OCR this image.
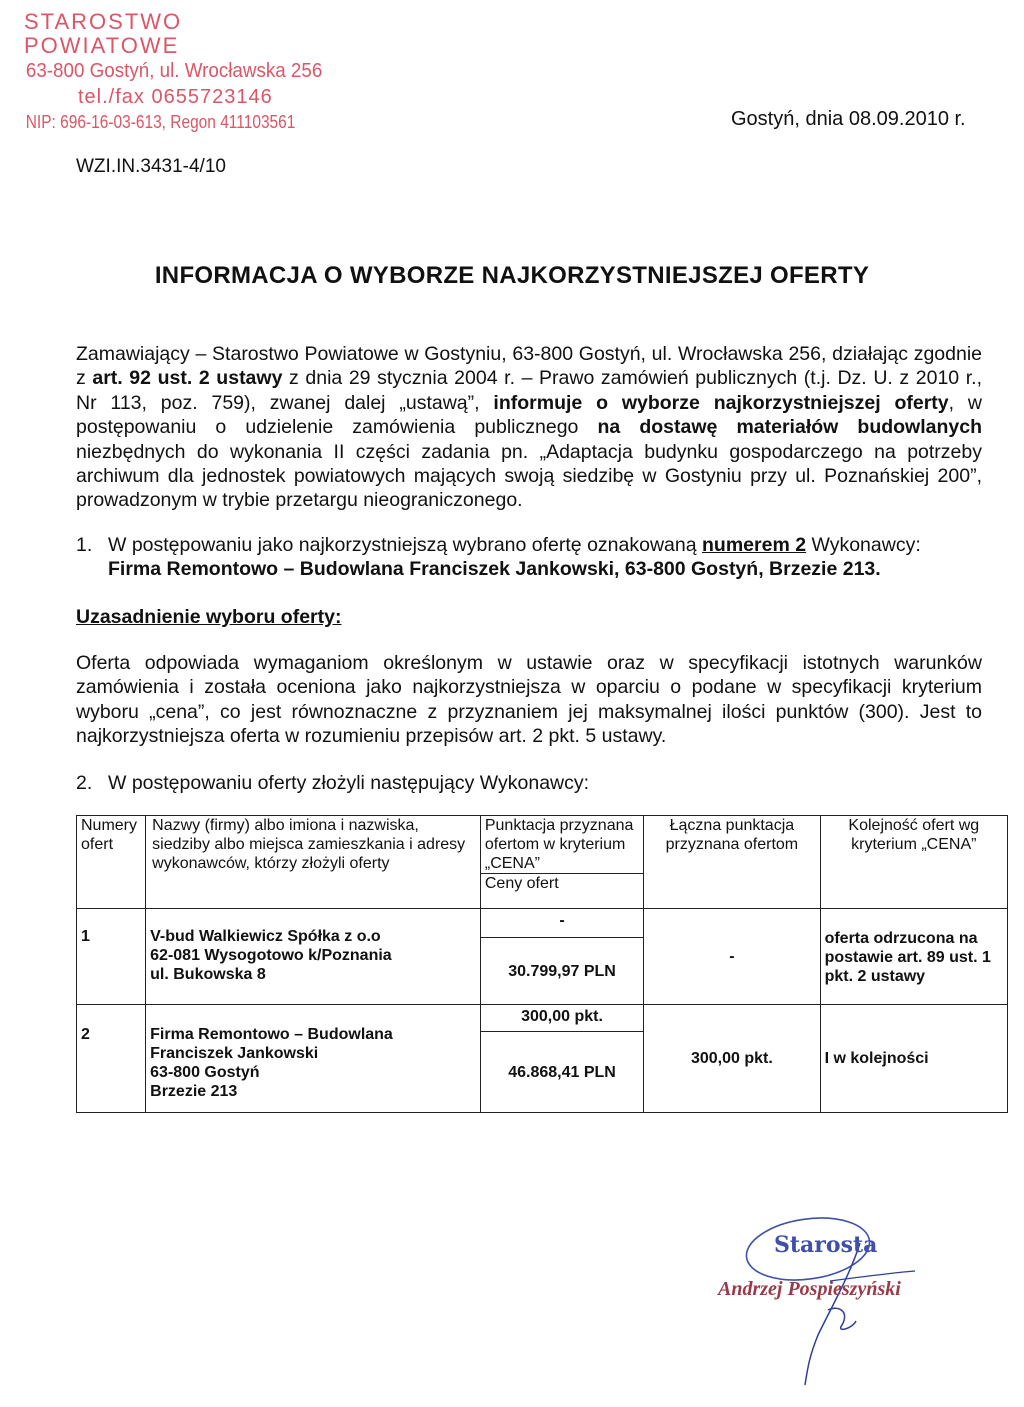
STAROSTWO POWIATOWE
63-800 Gostyń, ul. Wrocławska 256
tel./fax 0655723146
NIP: 696-16-03-613, Regon 411103561	Gostyń, dnia 08.09.2010 r.
WZI.IN.3431-4/10
INFORMACJA O WYBORZE NAJKORZYSTNIEJSZEJ OFERTY
Zamawiający – Starostwo Powiatowe w Gostyniu, 63-800 Gostyń, ul. Wrocławska 256, działając zgodnie z art. 92 ust. 2 ustawy z dnia 29 stycznia 2004 r. – Prawo zamówień publicznych (t.j. Dz. U. z 2010 r., Nr 113, poz. 759), zwanej dalej „ustawą”, informuje o wyborze najkorzystniejszej oferty, w postępowaniu o udzielenie zamówienia publicznego na dostawę materiałów budowlanych niezbędnych do wykonania II części zadania pn. „Adaptacja budynku gospodarczego na potrzeby archiwum dla jednostek powiatowych mających swoją siedzibę w Gostyniu przy ul. Poznańskiej 200”, prowadzonym w trybie przetargu nieograniczonego.
1. W postępowaniu jako najkorzystniejszą wybrano ofertę oznakowaną numerem 2 Wykonawcy:
Firma Remontowo – Budowlana Franciszek Jankowski, 63-800 Gostyń, Brzezie 213.
Uzasadnienie wyboru oferty:
Oferta odpowiada wymaganiom określonym w ustawie oraz w specyfikacji istotnych warunków zamówienia i została oceniona jako najkorzystniejsza w oparciu o podane w specyfikacji kryterium wyboru „cena”, co jest równoznaczne z przyznaniem jej maksymalnej ilości punktów (300). Jest to najkorzystniejsza oferta w rozumieniu przepisów art. 2 pkt. 5 ustawy.
2. W postępowaniu oferty złożyli następujący Wykonawcy:
Numery ofert	Nazwy (firmy) albo imiona i nazwiska, siedziby albo miejsca zamieszkania i adresy wykonawców, którzy złożyli oferty	Punktacja przyznana ofertom w kryterium „CENA”	Łączna punktacja przyznana ofertom	Kolejność ofert wg kryterium „CENA”
		Ceny ofert		
1	V-bud Walkiewicz Spółka z o.o
62-081 Wysogotowo k/Poznania
ul. Bukowska 8	-	-	oferta odrzucona na postawie art. 89 ust. 1 pkt. 2 ustawy
		30.799,97 PLN		
2	Firma Remontowo – Budowlana
Franciszek Jankowski
63-800 Gostyń
Brzezie 213	300,00 pkt.	300,00 pkt.	I w kolejności
		46.868,41 PLN		
Starosta
Andrzej Pospieszyński
